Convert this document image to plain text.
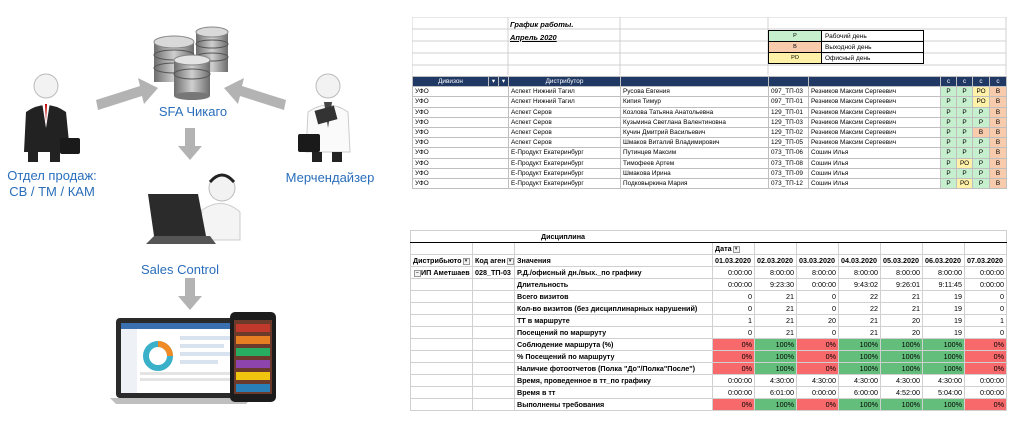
SFA Чикаго
Отдел продаж:
СВ / ТМ / КАМ
Мерчендайзер
Sales Control
График работы.
Апрель 2020	Р	Рабочий день
В	Выходной день
РО	Офисный день
Дивизон	▾	▾	Дистрибутор				с	с	с	с
УФО			Аспект Нижний Тагил	Русова Евгения	097_ТП-03	Резников Максим Сергеевич	Р	Р	РО	В
УФО			Аспект Нижний Тагил	Кипия Тимур	097_ТП-01	Резников Максим Сергеевич	Р	Р	РО	В
УФО			Аспект Серов	Козлова Татьяна Анатольевна	129_ТП-01	Резников Максим Сергеевич	Р	Р	Р	В
УФО			Аспект Серов	Кузьмина Светлана Валентиновна	129_ТП-03	Резников Максим Сергеевич	Р	Р	Р	В
УФО			Аспект Серов	Кучин Дмитрий Васильевич	129_ТП-02	Резников Максим Сергеевич	Р	Р	В	В
УФО			Аспект Серов	Шмаков Виталий Владимирович	129_ТП-05	Резников Максим Сергеевич	Р	Р	Р	В
УФО			Е-Продукт Екатеринбург	Путинцев Максим	073_ТП-06	Сошин Илья	Р	Р	Р	В
УФО			Е-Продукт Екатеринбург	Тимофеев Артем	073_ТП-08	Сошин Илья	Р	РО	Р	В
УФО			Е-Продукт Екатеринбург	Шмакова Ирина	073_ТП-09	Сошин Илья	Р	Р	Р	В
УФО			Е-Продукт Екатеринбург	Подковыркина Мария	073_ТП-12	Сошин Илья	Р	РО	Р	В
Дисциплина									
			Дата ▾						
Дистрибьюто ▾	Код аген ▾	Значения	01.03.2020	02.03.2020	03.03.2020	04.03.2020	05.03.2020	06.03.2020	07.03.2020
− ИП Аметшаев	028_ТП-03	Р.Д./офисный дн./вых._по графику	0:00:00	8:00:00	8:00:00	8:00:00	8:00:00	8:00:00	0:00:00
		Длительность	0:00:00	9:23:30	0:00:00	9:43:02	9:26:01	9:11:45	0:00:00
		Всего визитов	0	21	0	22	21	19	0
		Кол-во визитов (без дисциплинарных нарушений)	0	21	0	22	21	19	0
		ТТ в маршруте	1	21	20	21	20	19	1
		Посещений по маршруту	0	21	0	21	20	19	0
		Соблюдение маршрута (%)	0%	100%	0%	100%	100%	100%	0%
		% Посещений по маршруту	0%	100%	0%	100%	100%	100%	0%
		Наличие фотоотчетов (Полка "До"/Полка"После")	0%	100%	0%	100%	100%	100%	0%
		Время, проведенное в тт_по графику	0:00:00	4:30:00	4:30:00	4:30:00	4:30:00	4:30:00	0:00:00
		Время в тт	0:00:00	6:01:00	0:00:00	6:00:00	4:52:00	5:04:00	0:00:00
		Выполнены требования	0%	100%	0%	100%	100%	100%	0%
